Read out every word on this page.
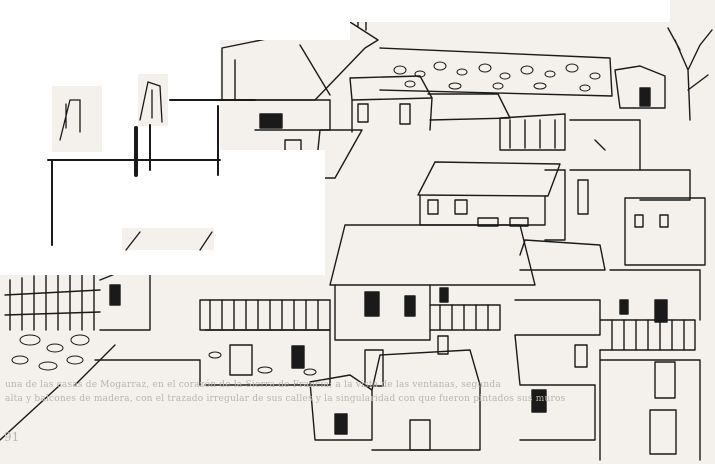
91
una de las casas de Mogarraz, en el corazón de la Sierra de Francia; a la vista de las ventanas, segunda
alta y balcones de madera, con el trazado irregular de sus calles y la singularidad con que fueron pintados sus muros
